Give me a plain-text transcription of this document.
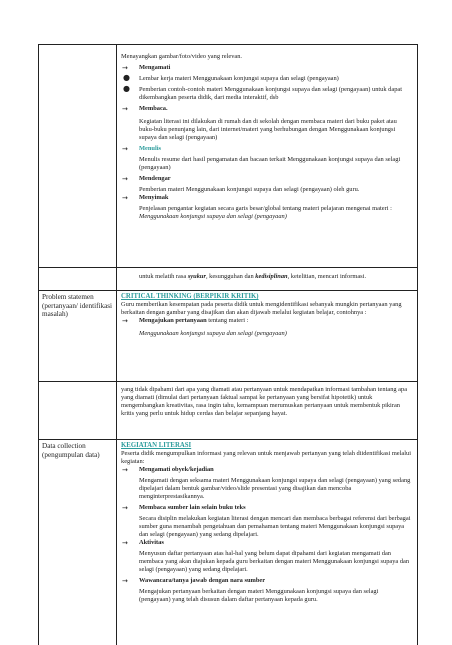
Menayangkan gambar/foto/video yang relevan.

→ Mengamati
● Lembar kerja materi Menggunakaan konjungsi supaya dan selagi (pengayaan)
● Pemberian contoh-contoh materi Menggunakaan konjungsi supaya dan selagi (pengayaan) untuk dapat dikembangkan peserta didik, dari media interaktif, dsb
→ Membaca.

Kegiatan literasi ini dilakukan di rumah dan di sekolah dengan membaca materi dari buku paket atau buku-buku penunjang lain, dari internet/materi yang berhubungan dengan Menggunakaan konjungsi supaya dan selagi (pengayaan)

→ Menulis

Menulis resume dari hasil pengamatan dan bacaan terkait Menggunakaan konjungsi supaya dan selagi (pengayaan)

→ Mendengar

Pemberian materi Menggunakaan konjungsi supaya dan selagi (pengayaan) oleh guru.

→ Menyimak

Penjelasan pengantar kegiatan secara garis besar/global tentang materi pelajaran mengenai materi :

Menggunakaan konjungsi supaya dan selagi (pengayaan)

untuk melatih rasa syukur, kesungguhan dan kedisiplinan, ketelitian, mencari informasi.

Problem statemen (pertanyaan/ identifikasi masalah)

CRITICAL THINKING (BERPIKIR KRITIK)

Guru memberikan kesempatan pada peserta didik untuk mengidentifikasi sebanyak mungkin pertanyaan yang berkaitan dengan gambar yang disajikan dan akan dijawab melalui kegiatan belajar, contohnya :

→ Mengajukan pertanyaan tentang materi :

Menggunakaan konjungsi supaya dan selagi (pengayaan)

yang tidak dipahami dari apa yang diamati atau pertanyaan untuk mendapatkan informasi tambahan tentang apa yang diamati (dimulai dari pertanyaan faktual sampai ke pertanyaan yang bersifat hipotetik) untuk mengembangkan kreativitas, rasa ingin tahu, kemampuan merumuskan pertanyaan untuk membentuk pikiran kritis yang perlu untuk hidup cerdas dan belajar sepanjang hayat.

Data collection (pengumpulan data)

KEGIATAN LITERASI

Peserta didik mengumpulkan informasi yang relevan untuk menjawab pertanyan yang telah diidentifikasi melalui kegiatan:

→ Mengamati obyek/kejadian

Mengamati dengan seksama materi Menggunakaan konjungsi supaya dan selagi (pengayaan) yang sedang dipelajari dalam bentuk gambar/video/slide presentasi yang disajikan dan mencoba menginterprestasikannya.

→ Membaca sumber lain selain buku teks

Secara disiplin melakukan kegiatan literasi dengan mencari dan membaca berbagai referensi dari berbagai sumber guna menambah pengetahuan dan pemahaman tentang materi Menggunakaan konjungsi supaya dan selagi (pengayaan) yang sedang dipelajari.

→ Aktivitas

Menyusun daftar pertanyaan atas hal-hal yang belum dapat dipahami dari kegiatan mengamati dan membaca yang akan diajukan kepada guru berkaitan dengan materi Menggunakaan konjungsi supaya dan selagi (pengayaan) yang sedang dipelajari.

→ Wawancara/tanya jawab dengan nara sumber

Mengajukan pertanyaan berkaitan dengan materi Menggunakaan konjungsi supaya dan selagi (pengayaan) yang telah disusun dalam daftar pertanyaan kepada guru.
